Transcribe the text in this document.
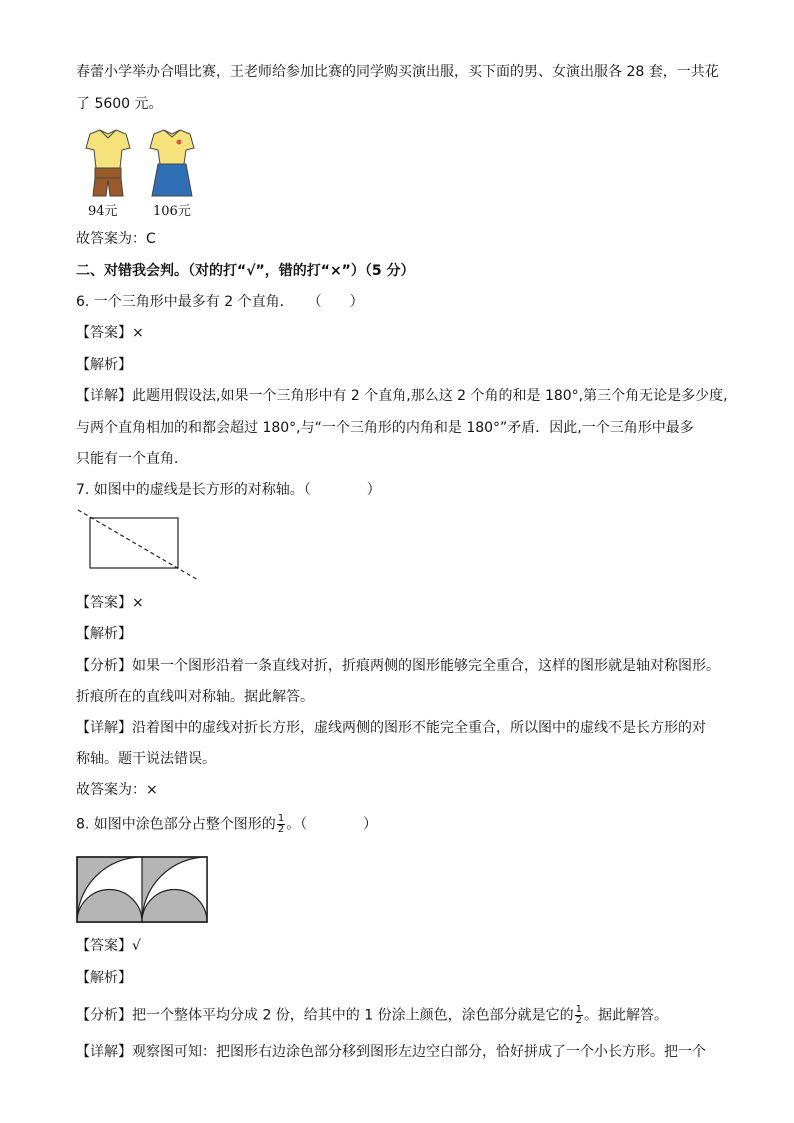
春蕾小学举办合唱比赛，王老师给参加比赛的同学购买演出服，买下面的男、女演出服各 28 套，一共花
了 5600 元。
94元	106元
故答案为：C
二、对错我会判。（对的打“√”，错的打“×”）（5 分）
6. 一个三角形中最多有 2 个直角．　　（　　）
【答案】×
【解析】
【详解】此题用假设法,如果一个三角形中有 2 个直角,那么这 2 个角的和是 180°,第三个角无论是多少度,
与两个直角相加的和都会超过 180°,与“一个三角形的内角和是 180°”矛盾．因此,一个三角形中最多
只能有一个直角．
7. 如图中的虚线是长方形的对称轴。（　　　　）
【答案】×
【解析】
【分析】如果一个图形沿着一条直线对折，折痕两侧的图形能够完全重合，这样的图形就是轴对称图形。
折痕所在的直线叫对称轴。据此解答。
【详解】沿着图中的虚线对折长方形，虚线两侧的图形不能完全重合，所以图中的虚线不是长方形的对
称轴。题干说法错误。
故答案为：×
8. 如图中涂色部分占整个图形的 $\frac{1}{2}$ 。（　　　　）
【答案】√
【解析】
【分析】把一个整体平均分成 2 份，给其中的 1 份涂上颜色，涂色部分就是它的 $\frac{1}{2}$ 。据此解答。
【详解】观察图可知：把图形右边涂色部分移到图形左边空白部分，恰好拼成了一个小长方形。把一个
